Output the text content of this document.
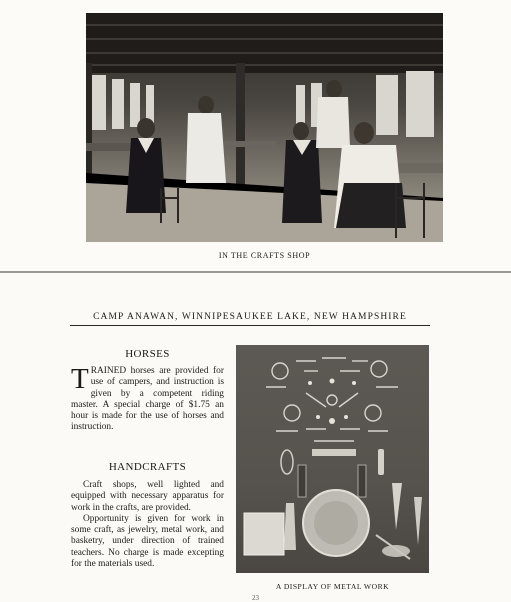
IN THE CRAFTS SHOP
CAMP ANAWAN, WINNIPESAUKEE LAKE, NEW HAMPSHIRE
HORSES
TRAINED horses are provided for use of campers, and instruction is given by a competent riding master. A special charge of $1.75 an hour is made for the use of horses and instruction.
HANDCRAFTS

Craft shops, well lighted and equipped with necessary apparatus for work in the crafts, are provided.

Opportunity is given for work in some craft, as jewelry, metal work, and basketry, under direction of trained teachers. No charge is made excepting for the materials used.

A DISPLAY OF METAL WORK
23
